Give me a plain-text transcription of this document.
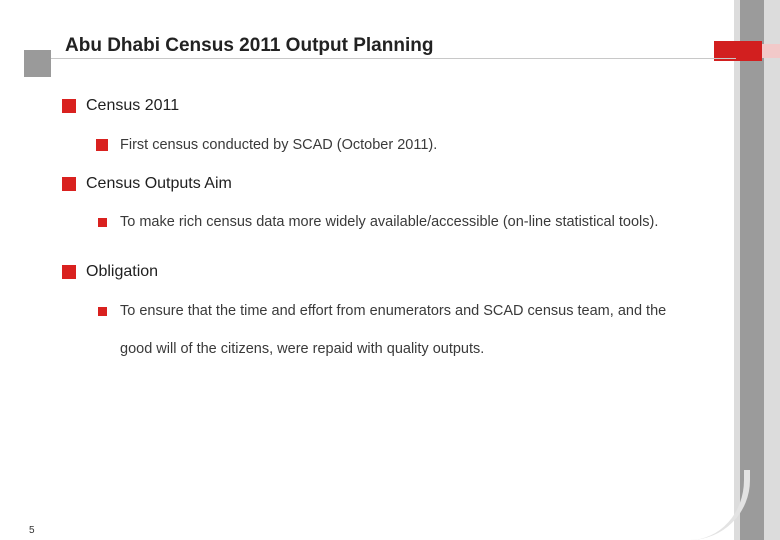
Abu Dhabi Census 2011 Output Planning
Census 2011
First census conducted by SCAD (October 2011).
Census Outputs Aim
To make rich census data more widely available/accessible (on-line statistical tools).
Obligation
To ensure that the time and effort from enumerators and SCAD census team, and the
good will of the citizens, were repaid with quality outputs.
5
